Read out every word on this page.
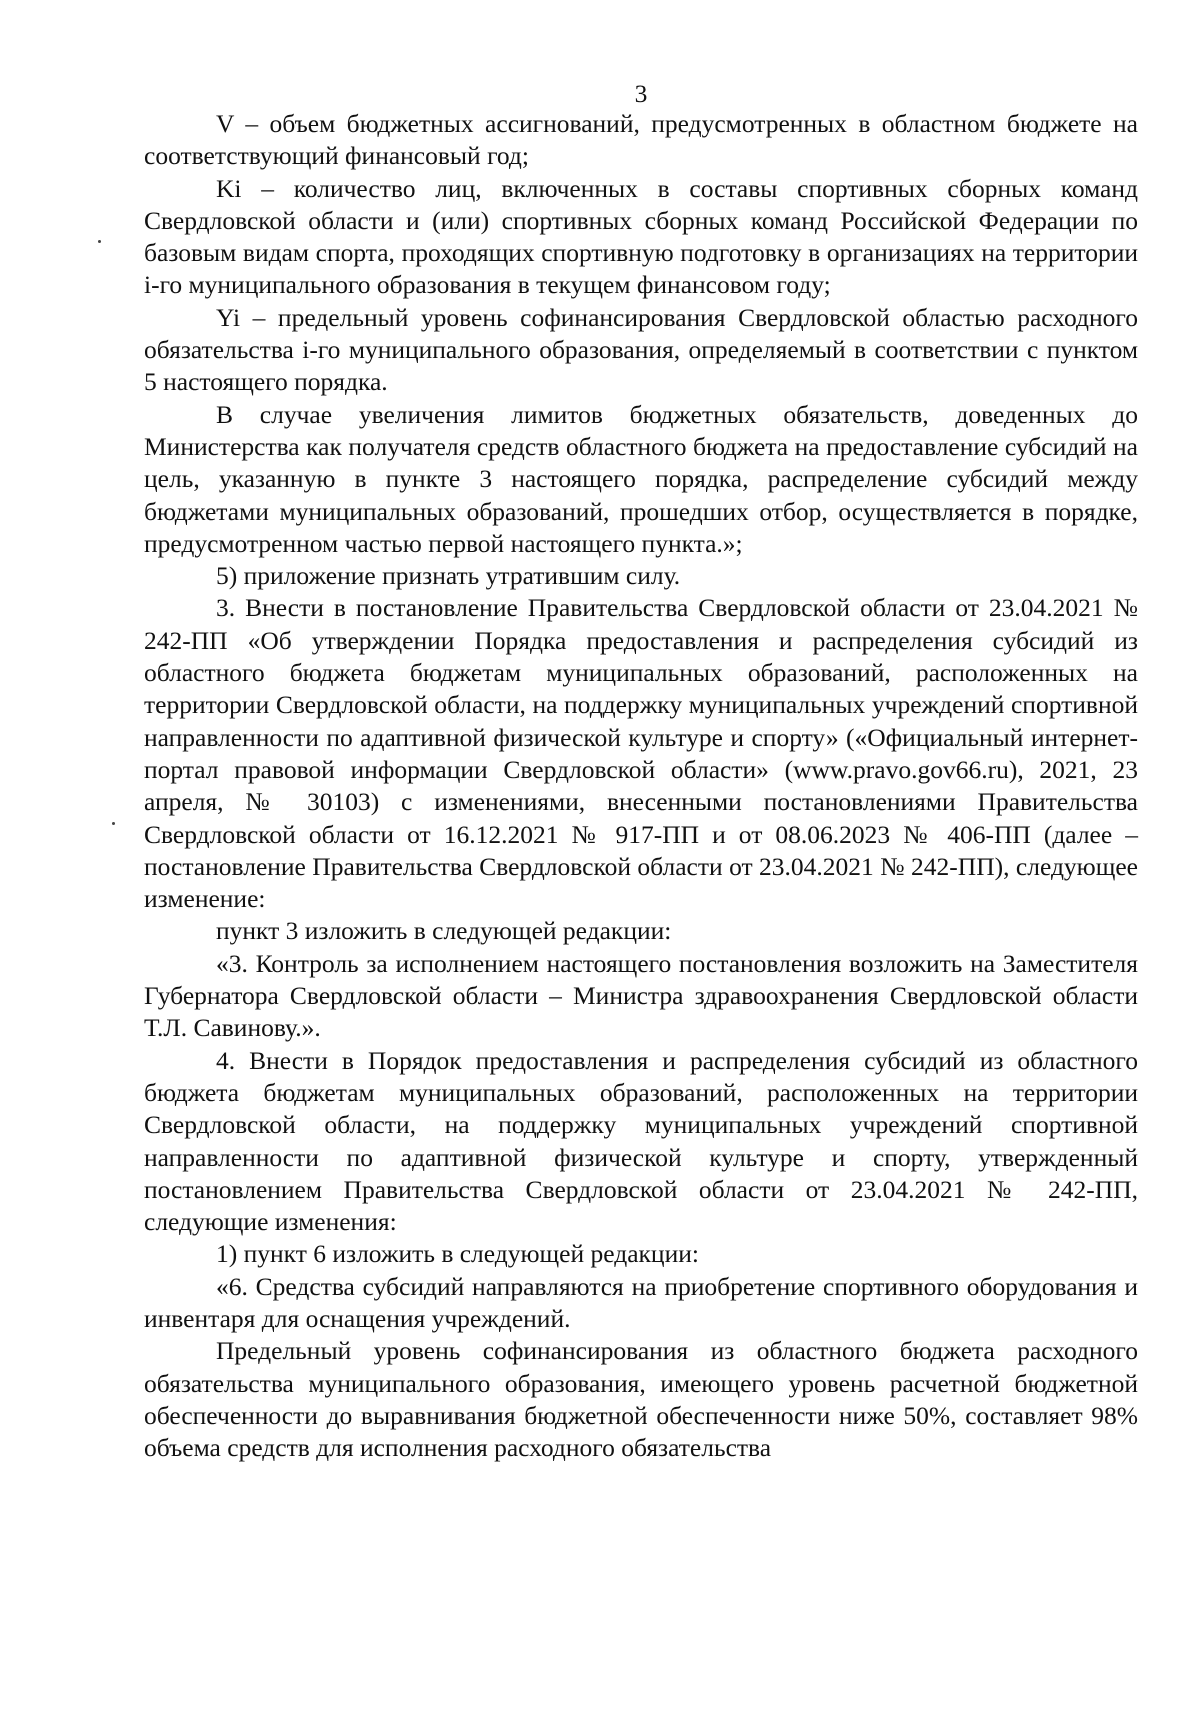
3

V – объем бюджетных ассигнований, предусмотренных в областном бюджете на соответствующий финансовый год;

Ki – количество лиц, включенных в составы спортивных сборных команд Свердловской области и (или) спортивных сборных команд Российской Федерации по базовым видам спорта, проходящих спортивную подготовку в организациях на территории i-го муниципального образования в текущем финансовом году;

Yi – предельный уровень софинансирования Свердловской областью расходного обязательства i-го муниципального образования, определяемый в соответствии с пунктом 5 настоящего порядка.

В случае увеличения лимитов бюджетных обязательств, доведенных до Министерства как получателя средств областного бюджета на предоставление субсидий на цель, указанную в пункте 3 настоящего порядка, распределение субсидий между бюджетами муниципальных образований, прошедших отбор, осуществляется в порядке, предусмотренном частью первой настоящего пункта.»;

5) приложение признать утратившим силу.

3. Внести в постановление Правительства Свердловской области от 23.04.2021 № 242-ПП «Об утверждении Порядка предоставления и распределения субсидий из областного бюджета бюджетам муниципальных образований, расположенных на территории Свердловской области, на поддержку муниципальных учреждений спортивной направленности по адаптивной физической культуре и спорту» («Официальный интернет-портал правовой информации Свердловской области» (www.pravo.gov66.ru), 2021, 23 апреля, № 30103) с изменениями, внесенными постановлениями Правительства Свердловской области от 16.12.2021 № 917-ПП и от 08.06.2023 № 406-ПП (далее – постановление Правительства Свердловской области от 23.04.2021 № 242-ПП), следующее изменение:

пункт 3 изложить в следующей редакции:

«3. Контроль за исполнением настоящего постановления возложить на Заместителя Губернатора Свердловской области – Министра здравоохранения Свердловской области Т.Л. Савинову.».

4. Внести в Порядок предоставления и распределения субсидий из областного бюджета бюджетам муниципальных образований, расположенных на территории Свердловской области, на поддержку муниципальных учреждений спортивной направленности по адаптивной физической культуре и спорту, утвержденный постановлением Правительства Свердловской области от 23.04.2021 № 242-ПП, следующие изменения:

1) пункт 6 изложить в следующей редакции:

«6. Средства субсидий направляются на приобретение спортивного оборудования и инвентаря для оснащения учреждений.

Предельный уровень софинансирования из областного бюджета расходного обязательства муниципального образования, имеющего уровень расчетной бюджетной обеспеченности до выравнивания бюджетной обеспеченности ниже 50%, составляет 98% объема средств для исполнения расходного обязательства
